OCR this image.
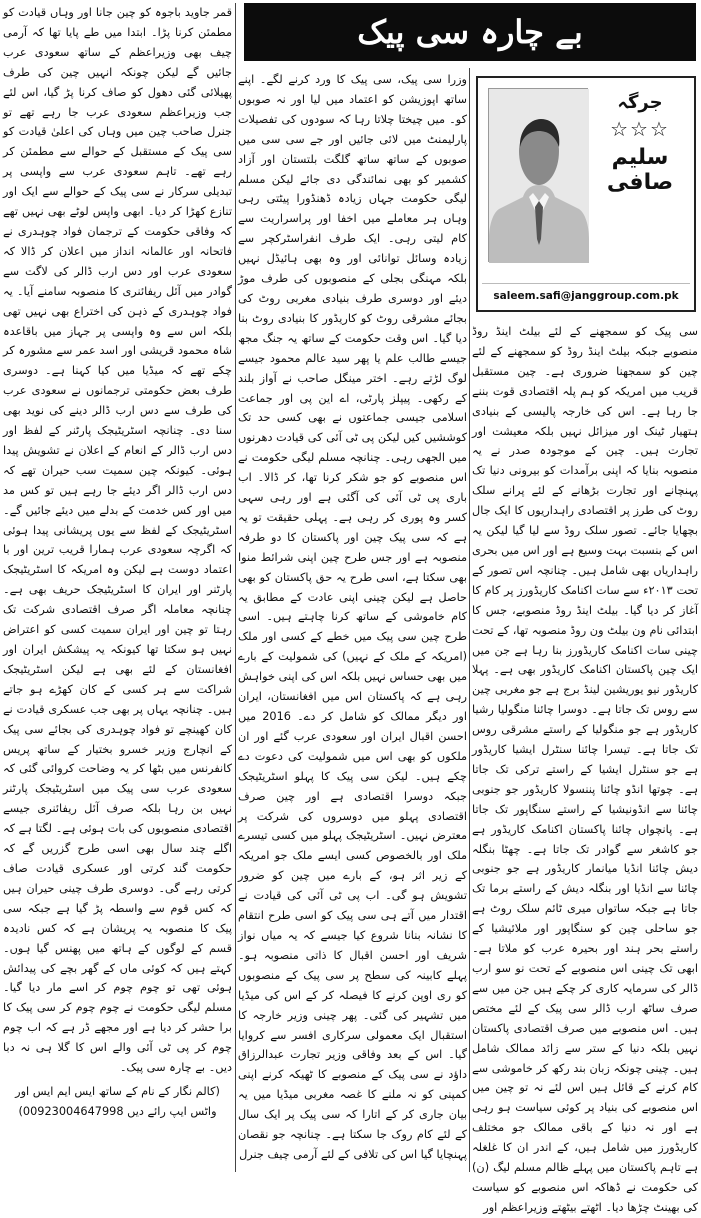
بے چارہ سی پیک
جرگہ
☆☆☆
سلیم صافی
saleem.safi@janggroup.com.pk

سی پیک کو سمجھنے کے لئے بیلٹ اینڈ روڈ منصوبے جبکہ بیلٹ اینڈ روڈ کو سمجھنے کے لئے چین کو سمجھنا ضروری ہے۔ چین مستقبل قریب میں امریکہ کو ہم پلہ اقتصادی قوت بننے جا رہا ہے۔ اس کی خارجہ پالیسی کے بنیادی ہتھیار ٹینک اور میزائل نہیں بلکہ معیشت اور تجارت ہیں۔ چین کے موجودہ صدر نے یہ منصوبہ بنایا کہ اپنی برآمدات کو بیرونی دنیا تک پہنچانے اور تجارت بڑھانے کے لئے پرانے سلک روٹ کی طرز پر اقتصادی راہداریوں کا ایک جال بچھایا جائے۔ تصور سلک روڈ سے لیا گیا لیکن یہ اس کے بنسبت بہت وسیع ہے اور اس میں بحری راہداریاں بھی شامل ہیں۔ چنانچہ اس تصور کے تحت ۲۰۱۳ء سے سات اکنامک کاریڈورز پر کام کا آغاز کر دیا گیا۔ بیلٹ اینڈ روڈ منصوبے، جس کا ابتدائی نام ون بیلٹ ون روڈ منصوبہ تھا، کے تحت چینی سات اکنامک کاریڈورز بنا رہا ہے جن میں ایک چین پاکستان اکنامک کاریڈور بھی ہے۔ پہلا کاریڈور نیو یوریشین لینڈ برج ہے جو مغربی چین سے روس تک جاتا ہے۔ دوسرا چائنا منگولیا رشیا کاریڈور ہے جو منگولیا کے راستے مشرقی روس تک جاتا ہے۔ تیسرا چائنا سنٹرل ایشیا کاریڈور ہے جو سنٹرل ایشیا کے راستے ترکی تک جاتا ہے۔ چوتھا انڈو چائنا پننسولا کاریڈور جو جنوبی چائنا سے انڈونیشیا کے راستے سنگاپور تک جاتا ہے۔ پانچواں چائنا پاکستان اکنامک کاریڈور ہے جو کاشغر سے گوادر تک جاتا ہے۔ چھٹا بنگلہ دیش چائنا انڈیا میانمار کاریڈور ہے جو جنوبی چائنا سے انڈیا اور بنگلہ دیش کے راستے برما تک جاتا ہے جبکہ ساتواں میری ٹائم سلک روٹ ہے جو ساحلی چین کو سنگاپور اور ملائیشیا کے راستے بحر ہند اور بحیرہ عرب کو ملاتا ہے۔ ابھی تک چینی اس منصوبے کے تحت نو سو ارب ڈالر کی سرمایہ کاری کر چکے ہیں جن میں سے صرف ساٹھ ارب ڈالر سی پیک کے لئے مختص ہیں۔ اس منصوبے میں صرف اقتصادی پاکستان نہیں بلکہ دنیا کے ستر سے زائد ممالک شامل ہیں۔ چینی چونکہ زبان بند رکھ کر خاموشی سے کام کرنے کے قائل ہیں اس لئے نہ تو چین میں اس منصوبے کی بنیاد پر کوئی سیاست ہو رہی ہے اور نہ دنیا کے باقی ممالک جو مختلف کاریڈورز میں شامل ہیں، کے اندر ان کا غلغلہ ہے تاہم پاکستان میں پہلے ظالم مسلم لیگ (ن) کی حکومت نے ڈھاکہ اس منصوبے کو سیاست کی بھینٹ چڑھا دیا۔ اٹھتے بیٹھتے وزیراعظم اور

وزرا سی پیک، سی پیک کا ورد کرنے لگے۔ اپنے ساتھ اپوزیشن کو اعتماد میں لیا اور نہ صوبوں کو۔ میں چیختا چلاتا رہا کہ سودوں کی تفصیلات پارلیمنٹ میں لائی جائیں اور جے سی سی میں صوبوں کے ساتھ ساتھ گلگت بلتستان اور آزاد کشمیر کو بھی نمائندگی دی جائے لیکن مسلم لیگی حکومت جہاں زیادہ ڈھنڈورا پیٹتی رہی وہاں ہر معاملے میں اخفا اور پراسراریت سے کام لیتی رہی۔ ایک طرف انفراسٹرکچر سے زیادہ وسائل توانائی اور وہ بھی ہائیڈل نہیں بلکہ مہنگی بجلی کے منصوبوں کی طرف موڑ دیئے اور دوسری طرف بنیادی مغربی روٹ کی بجائے مشرقی روٹ کو کاریڈور کا بنیادی روٹ بنا دیا گیا۔ اس وقت حکومت کے ساتھ یہ جنگ مجھ جیسے طالب علم یا پھر سید عالم محمود جیسے لوگ لڑتے رہے۔ اختر مینگل صاحب نے آواز بلند کے رکھی۔ پیپلز پارٹی، اے این پی اور جماعت اسلامی جیسی جماعتوں نے بھی کسی حد تک کوششیں کیں لیکن پی ٹی آئی کی قیادت دھرنوں میں الجھی رہی۔ چنانچہ مسلم لیگی حکومت نے اس منصوبے کو جو شکر کرنا تھا، کر ڈالا۔ اب باری پی ٹی آئی کی آگئی ہے اور رہی سہی کسر وہ پوری کر رہی ہے۔ پہلی حقیقت تو یہ ہے کہ سی پیک چین اور پاکستان کا دو طرفہ منصوبہ ہے اور جس طرح چین اپنی شرائط منوا بھی سکتا ہے، اسی طرح یہ حق پاکستان کو بھی حاصل ہے لیکن چینی اپنی عادت کے مطابق یہ کام خاموشی کے ساتھ کرنا چاہتے ہیں۔ اسی طرح چین سی پیک میں خطے کے کسی اور ملک (امریکہ کے ملک کے نہیں) کی شمولیت کے بارے میں بھی حساس نہیں بلکہ اس کی اپنی خواہش رہی ہے کہ پاکستان اس میں افغانستان، ایران اور دیگر ممالک کو شامل کر دے۔ 2016 میں احسن اقبال ایران اور سعودی عرب گئے اور ان ملکوں کو بھی اس میں شمولیت کی دعوت دے چکے ہیں۔ لیکن سی پیک کا پہلو اسٹریٹیجک جبکہ دوسرا اقتصادی ہے اور چین صرف اقتصادی پہلو میں دوسروں کی شرکت پر معترض نہیں۔ اسٹریٹیجک پہلو میں کسی تیسرے ملک اور بالخصوص کسی ایسے ملک جو امریکہ کے زیر اثر ہو، کے بارے میں چین کو ضرور تشویش ہو گی۔ اب پی ٹی آئی کی قیادت نے اقتدار میں آتے ہی سی پیک کو اسی طرح انتقام کا نشانہ بنانا شروع کیا جیسے کہ یہ میاں نواز شریف اور احسن اقبال کا ذاتی منصوبہ ہو۔ پہلے کابینہ کی سطح پر سی پیک کے منصوبوں کو ری اوپن کرنے کا فیصلہ کر کے اس کی میڈیا میں تشہیر کی گئی۔ پھر چینی وزیر خارجہ کا استقبال ایک معمولی سرکاری افسر سے کروایا گیا۔ اس کے بعد وفاقی وزیر تجارت عبدالرزاق داؤد نے سی پیک کے منصوبے کا ٹھیکہ کرنے اپنی کمپنی کو نہ ملنے کا غصہ مغربی میڈیا میں یہ بیان جاری کر کے اتارا کہ سی پیک پر ایک سال کے لئے کام روک جا سکتا ہے۔ چنانچہ جو نقصان پہنچایا گیا اس کی تلافی کے لئے آرمی چیف جنرل

قمر جاوید باجوہ کو چین جانا اور وہاں قیادت کو مطمئن کرنا پڑا۔ ابتدا میں طے پایا تھا کہ آرمی چیف بھی وزیراعظم کے ساتھ سعودی عرب جائیں گے لیکن چونکہ انہیں چین کی طرف پھیلائی گئی دھول کو صاف کرنا پڑ گیا، اس لئے جب وزیراعظم سعودی عرب جا رہے تھے تو جنرل صاحب چین میں وہاں کی اعلیٰ قیادت کو سی پیک کے مستقبل کے حوالے سے مطمئن کر رہے تھے۔ تاہم سعودی عرب سے واپسی پر تبدیلی سرکار نے سی پیک کے حوالے سے ایک اور تنازع کھڑا کر دیا۔ ابھی واپس لوٹے بھی نہیں تھے کہ وفاقی حکومت کے ترجمان فواد چوہدری نے فاتحانہ اور عالمانہ انداز میں اعلان کر ڈالا کہ سعودی عرب اور دس ارب ڈالر کی لاگت سے گوادر میں آئل ریفائنری کا منصوبہ سامنے آیا۔ یہ فواد چوہدری کے ذہن کی اختراع بھی نہیں تھی بلکہ اس سے وہ واپسی پر جہاز میں باقاعدہ شاہ محمود قریشی اور اسد عمر سے مشورہ کر چکے تھے کہ میڈیا میں کیا کہنا ہے۔ دوسری طرف بعض حکومتی ترجمانوں نے سعودی عرب کی طرف سے دس ارب ڈالر دینے کی نوید بھی سنا دی۔ چنانچہ اسٹریٹیجک پارٹنر کے لفظ اور دس ارب ڈالر کے انعام کے اعلان نے تشویش پیدا ہوئی۔ کیونکہ چین سمیت سب حیران تھے کہ دس ارب ڈالر اگر دیئے جا رہے ہیں تو کس مد میں اور کس خدمت کے بدلے میں دیئے جائیں گے۔ اسٹریٹیجک کے لفظ سے یوں پریشانی پیدا ہوئی کہ اگرچہ سعودی عرب ہمارا قریب ترین اور با اعتماد دوست ہے لیکن وہ امریکہ کا اسٹریٹیجک پارٹنر اور ایران کا اسٹریٹیجک حریف بھی ہے۔ چنانچہ معاملہ اگر صرف اقتصادی شرکت تک رہتا تو چین اور ایران سمیت کسی کو اعتراض نہیں ہو سکتا تھا کیونکہ یہ پیشکش ایران اور افغانستان کے لئے بھی ہے لیکن اسٹریٹیجک شراکت سے ہر کسی کے کان کھڑے ہو جاتے ہیں۔ چنانچہ یہاں پر بھی جب عسکری قیادت نے کان کھینچے تو فواد چوہدری کی بجائے سی پیک کے انچارج وزیر خسرو بختیار کے ساتھ پریس کانفرنس میں بٹھا کر یہ وضاحت کروائی گئی کہ سعودی عرب سی پیک میں اسٹریٹیجک پارٹنر نہیں بن رہا بلکہ صرف آئل ریفائنری جیسے اقتصادی منصوبوں کی بات ہوئی ہے۔ لگتا ہے کہ اگلے چند سال بھی اسی طرح گزریں گے کہ حکومت گند کرتی اور عسکری قیادت صاف کرتی رہے گی۔ دوسری طرف چینی حیران ہیں کہ کس قوم سے واسطہ پڑ گیا ہے جبکہ سی پیک کا منصوبہ یہ پریشان ہے کہ کس نادیدہ قسم کے لوگوں کے ہاتھ میں پھنس گیا ہوں۔ کہتے ہیں کہ کوئی ماں کے گھر بچے کی پیدائش ہوئی تھی تو چوم چوم کر اسے مار دیا گیا۔ مسلم لیگی حکومت نے چوم چوم کر سی پیک کا برا حشر کر دیا ہے اور مجھے ڈر ہے کہ اب چوم چوم کر پی ٹی آئی والے اس کا گلا ہی نہ دبا دیں۔ بے چارہ سی پیک۔

(کالم نگار کے نام کے ساتھ ایس ایم ایس اور واٹس ایپ رائے دیں 00923004647998)
